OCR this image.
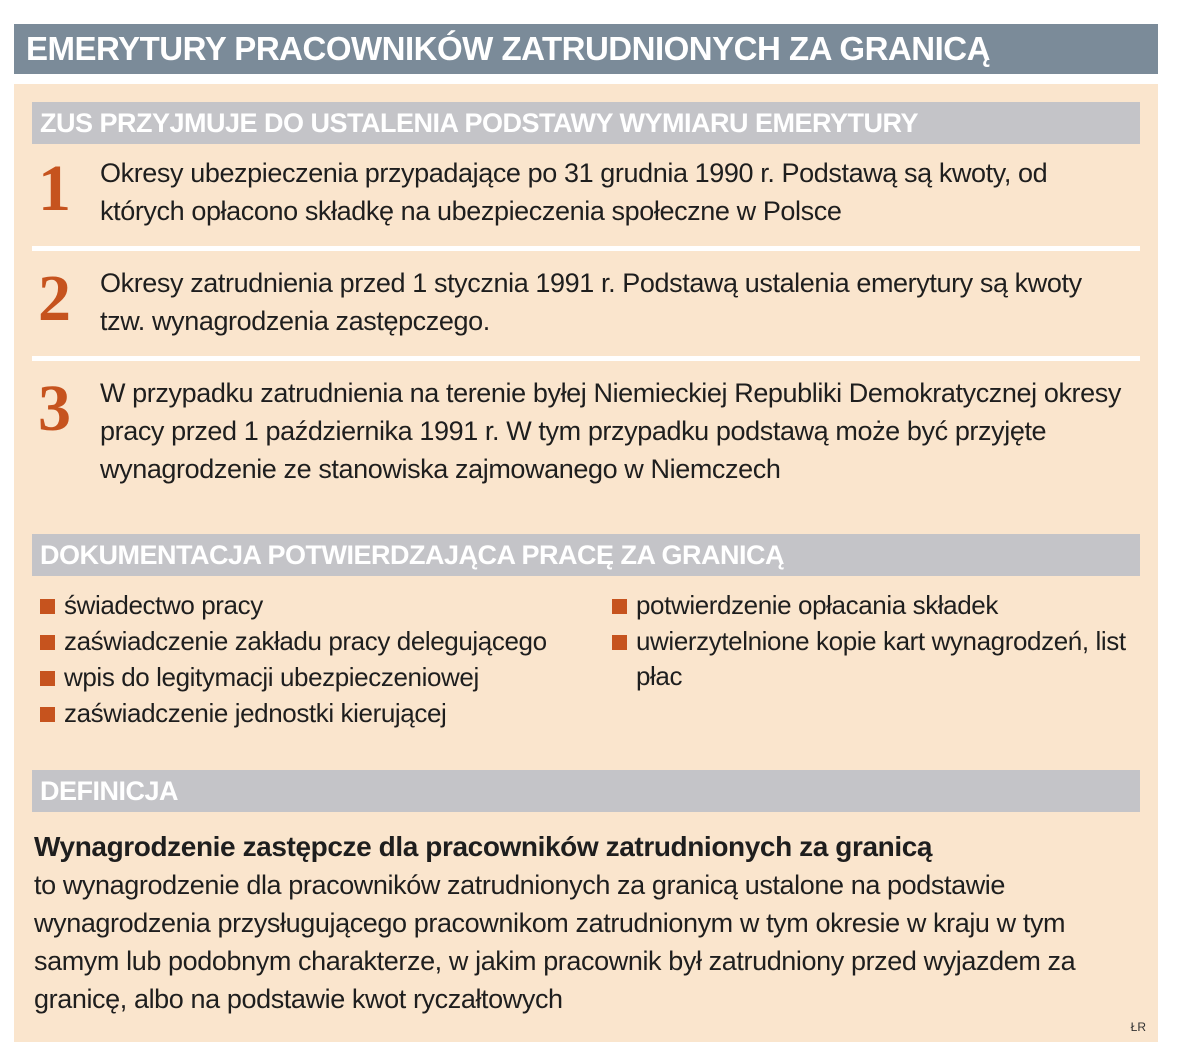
EMERYTURY PRACOWNIKÓW ZATRUDNIONYCH ZA GRANICĄ
ZUS PRZYJMUJE DO USTALENIA PODSTAWY WYMIARU EMERYTURY
1 Okresy ubezpieczenia przypadające po 31 grudnia 1990 r. Podstawą są kwoty, od których opłacono składkę na ubezpieczenia społeczne w Polsce
2 Okresy zatrudnienia przed 1 stycznia 1991 r. Podstawą ustalenia emerytury są kwoty tzw. wynagrodzenia zastępczego.
3 W przypadku zatrudnienia na terenie byłej Niemieckiej Republiki Demokratycznej okresy pracy przed 1 października 1991 r. W tym przypadku podstawą może być przyjęte wynagrodzenie ze stanowiska zajmowanego w Niemczech
DOKUMENTACJA POTWIERDZAJĄCA PRACĘ ZA GRANICĄ
świadectwo pracy
zaświadczenie zakładu pracy delegującego
wpis do legitymacji ubezpieczeniowej
zaświadczenie jednostki kierującej
potwierdzenie opłacania składek
uwierzytelnione kopie kart wynagrodzeń, list płac
DEFINICJA
Wynagrodzenie zastępcze dla pracowników zatrudnionych za granicą
to wynagrodzenie dla pracowników zatrudnionych za granicą ustalone na podstawie wynagrodzenia przysługującego pracownikom zatrudnionym w tym okresie w kraju w tym samym lub podobnym charakterze, w jakim pracownik był zatrudniony przed wyjazdem za granicę, albo na podstawie kwot ryczałtowych
ŁR
